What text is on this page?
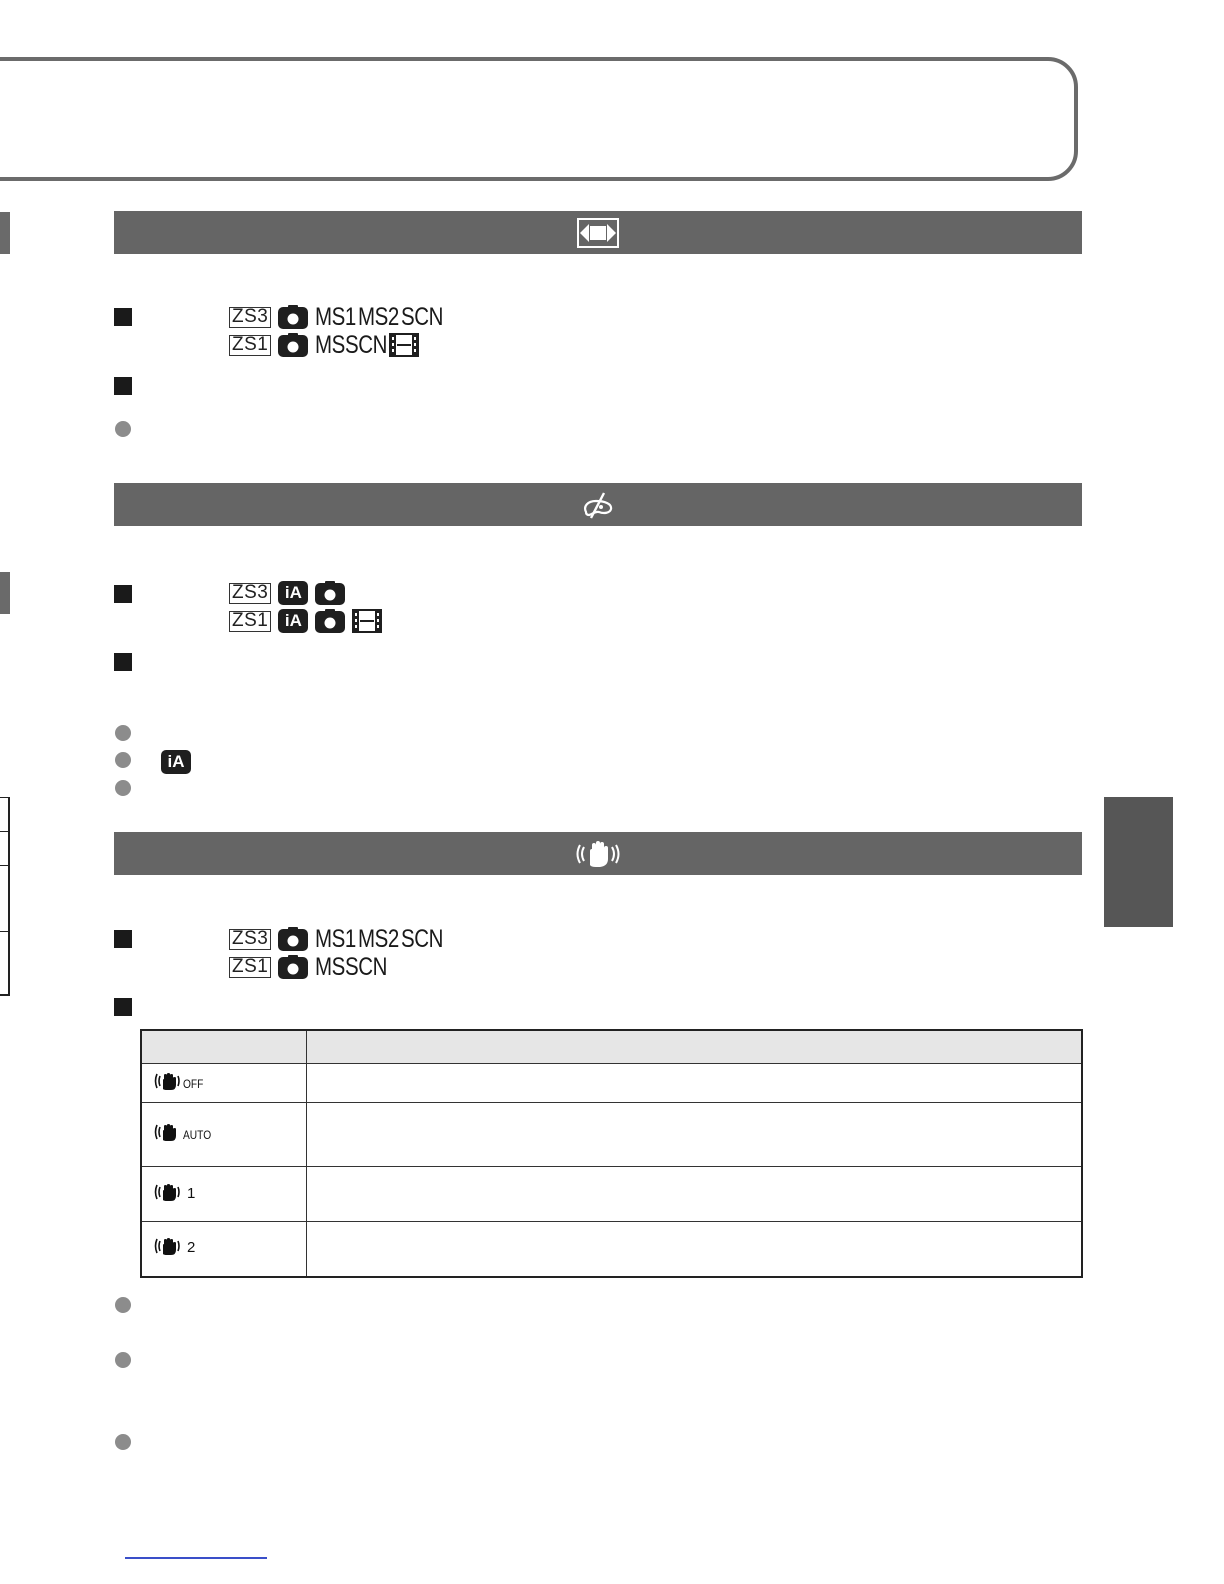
ZS3 MS1 MS2 SCN
ZS1 MS SCN
ZS3 iA
ZS1 iA
iA
ZS3 MS1 MS2 SCN
ZS1 MS SCN

OFF	

AUTO	

1	

2	
